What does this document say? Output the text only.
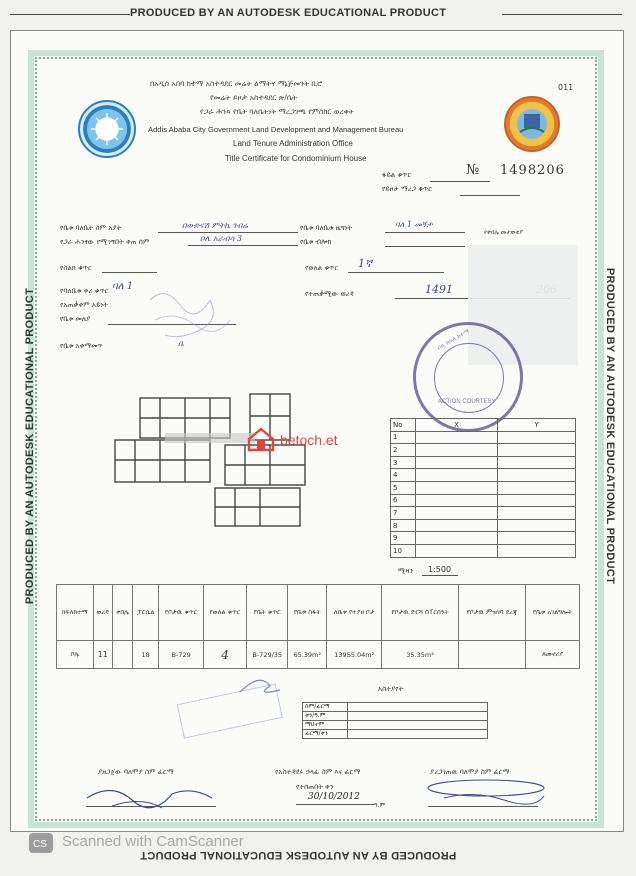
PRODUCED BY AN AUTODESK EDUCATIONAL PRODUCT
PRODUCED BY AN AUTODESK EDUCATIONAL PRODUCT	PRODUCED BY AN AUTODESK EDUCATIONAL PRODUCT
PRODUCED BY AN AUTODESK EDUCATIONAL PRODUCT
በአዲስ አበባ ከተማ አስተዳደር መሬት ልማትና ማኔጅመንት ቢሮ
የመሬት ይዞታ አስተዳደር ጽ/ቤት
የጋራ ሕንጻ የቤት ባለቤትነት ማረጋገጫ የምስክር ወረቀት
Addis Ababa City Government Land Development and Management Bureau
Land Tenure Administration Office
Title Certificate for Condominium House
011
№ 1498206
ፋይል ቁጥር
የይዞታ ማረጋ ቁጥር
የቤቱ ባለቤት ስም አያት	በውድናሽ ምትኬ ገብሬ	የቤቱ ባለቤቱ ዜግነት	ባለ 1 መኝታ
የቀበሌ መታወቂያ
የጋራ ሕንፃው የሚገኝበት ቀጠ ሰም	ቦሌ አራብሳ 3	የቤቱ ብሎክ
የስልክ ቁጥር	የወለል ቁጥር 1ኛ
የባለቤቱ ቀሪ ቁጥር
የአጠቃቀም አይነት
የቤቱ መለያ
ባለ 1
የተጠቃሚው ወረዳ	1491
የቤቱ አቀማመጥ	ቤ	ቦሌ ክፍለ ከተማ
ACTION COURTESY
betoch.et
No	X	Y
1		
2		
3		
4		
5		
6		
7		
8		
9		
10		
ሚዛን 1:500
ክፍለከተማ	ወረዳ	ቀበሌ	ፓርሴል	የቦታዉ ቁጥር	የወለል ቁጥር	የቤት ቁጥር	የቤቱ ስፋት	ለቤቱ የተያዘ ቦታ	የቦታዉ ድርሻ በፐርሰንት	የቦታዉ ምዝገባ ደረጃ	የቤቱ አገልግሎት
ቦሌ	11		18	B-729	4	B-729/35	65.39m²	13955.04m²	35.35m²		ለመኖሪያ
አስተያየት
ስም/ፊርማ	
ቀን/ዓ.ም	
ማህተም	
ፊርማ/ቀን	
ያዘጋጀው ባለሞያ ስም ፊርማ	የአስተዳደሩ ኃላፊ ስም እና ፊርማ
የተሰጠበት ቀን
30/10/2012
ዓ.ም
ያረጋገጠዉ ባለሞያ ስም ፊርማ
CS Scanned with CamScanner
